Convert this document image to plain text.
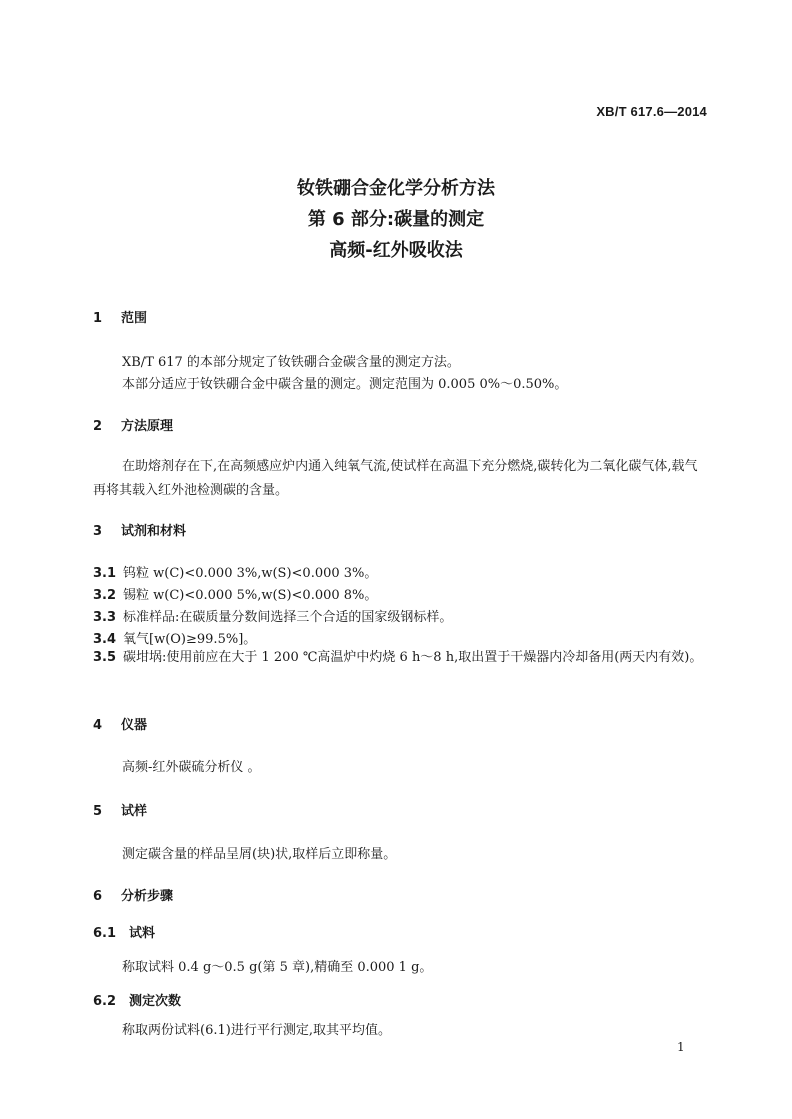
XB/T 617.6—2014
钕铁硼合金化学分析方法
第 6 部分:碳量的测定
高频-红外吸收法
1 范围
XB/T 617 的本部分规定了钕铁硼合金碳含量的测定方法。
本部分适应于钕铁硼合金中碳含量的测定。测定范围为 0.005 0%～0.50%。
2 方法原理
在助熔剂存在下,在高频感应炉内通入纯氧气流,使试样在高温下充分燃烧,碳转化为二氧化碳气体,载气再将其载入红外池检测碳的含量。
3 试剂和材料
3.1 钨粒 w(C)<0.000 3%,w(S)<0.000 3%。
3.2 锡粒 w(C)<0.000 5%,w(S)<0.000 8%。
3.3 标准样品:在碳质量分数间选择三个合适的国家级钢标样。
3.4 氧气[w(O)≥99.5%]。
3.5 碳坩埚:使用前应在大于 1 200 ℃高温炉中灼烧 6 h～8 h,取出置于干燥器内冷却备用(两天内有效)。
4 仪器
高频-红外碳硫分析仪 。
5 试样
测定碳含量的样品呈屑(块)状,取样后立即称量。
6 分析步骤
6.1 试料
称取试料 0.4 g～0.5 g(第 5 章),精确至 0.000 1 g。
6.2 测定次数
称取两份试料(6.1)进行平行测定,取其平均值。
1
